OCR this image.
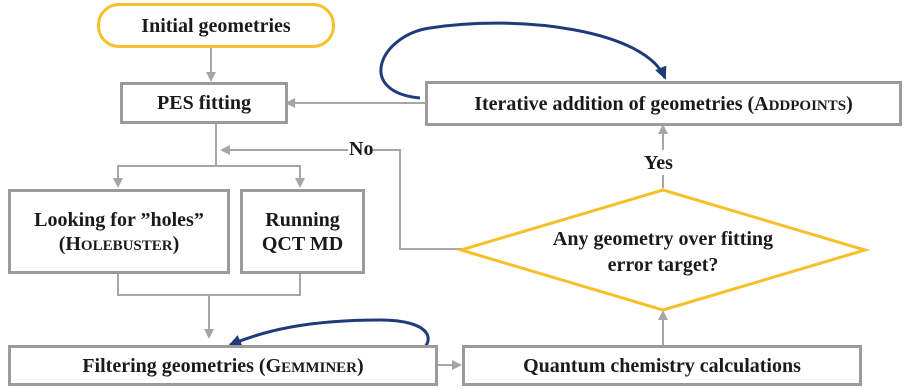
Initial geometries
PES fitting	Iterative addition of geometries (ADDPOINTS)
No
Yes
Looking for ”holes”
(HOLEBUSTER)
Running
QCT MD	Any geometry over fitting
error target?
Filtering geometries (GEMMINER)	Quantum chemistry calculations
